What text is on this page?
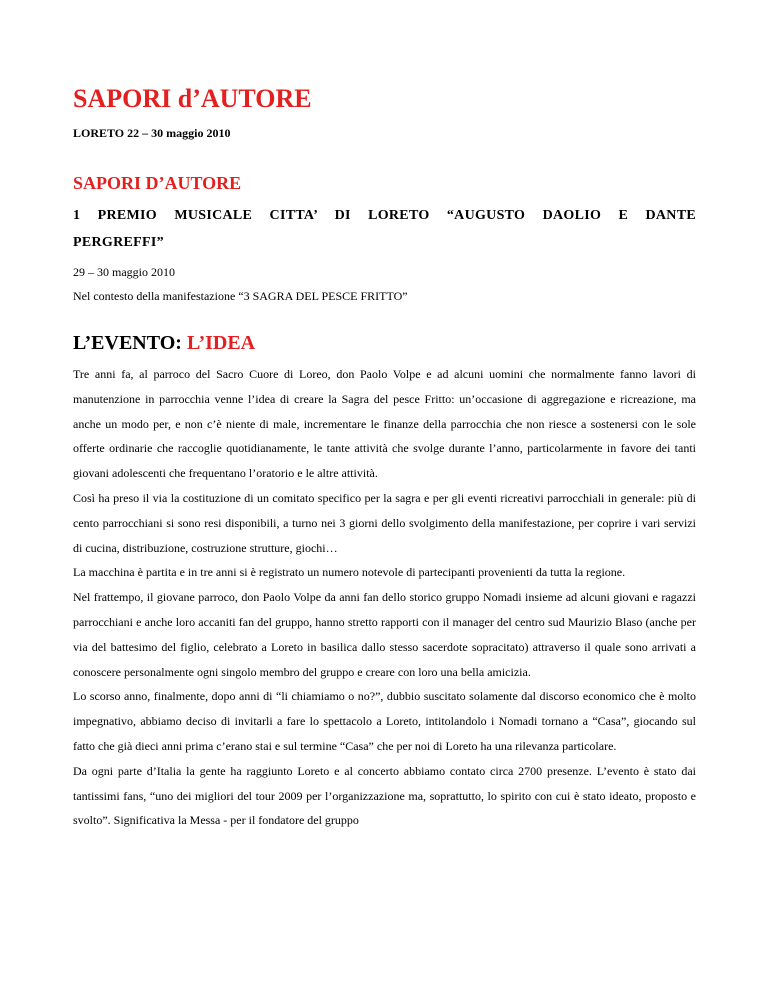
SAPORI d’AUTORE
LORETO 22 – 30 maggio 2010
SAPORI D’AUTORE
1 PREMIO MUSICALE CITTA’ DI LORETO “AUGUSTO DAOLIO E DANTE PERGREFFI”
29 – 30 maggio 2010
Nel contesto della manifestazione “3 SAGRA DEL PESCE FRITTO”
L’EVENTO: L’IDEA

Tre anni fa, al parroco del Sacro Cuore di Loreo, don Paolo Volpe e ad alcuni uomini che normalmente fanno lavori di manutenzione in parrocchia venne l’idea di creare la Sagra del pesce Fritto: un’occasione di aggregazione e ricreazione, ma anche un modo per, e non c’è niente di male, incrementare le finanze della parrocchia che non riesce a sostenersi con le sole offerte ordinarie che raccoglie quotidianamente, le tante attività che svolge durante l’anno, particolarmente in favore dei tanti giovani adolescenti che frequentano l’oratorio e le altre attività.

Così ha preso il via la costituzione di un comitato specifico per la sagra e per gli eventi ricreativi parrocchiali in generale: più di cento parrocchiani si sono resi disponibili, a turno nei 3 giorni dello svolgimento della manifestazione, per coprire i vari servizi di cucina, distribuzione, costruzione strutture, giochi…

La macchina è partita e in tre anni si è registrato un numero notevole di partecipanti provenienti da tutta la regione.

Nel frattempo, il giovane parroco, don Paolo Volpe da anni fan dello storico gruppo Nomadi insieme ad alcuni giovani e ragazzi parrocchiani e anche loro accaniti fan del gruppo, hanno stretto rapporti con il manager del centro sud Maurizio Blaso (anche per via del battesimo del figlio, celebrato a Loreto in basilica dallo stesso sacerdote sopracitato) attraverso il quale sono arrivati a conoscere personalmente ogni singolo membro del gruppo e creare con loro una bella amicizia.

Lo scorso anno, finalmente, dopo anni di “li chiamiamo o no?”, dubbio suscitato solamente dal discorso economico che è molto impegnativo, abbiamo deciso di invitarli a fare lo spettacolo a Loreto, intitolandolo i Nomadi tornano a “Casa”, giocando sul fatto che già dieci anni prima c’erano stai e sul termine “Casa” che per noi di Loreto ha una rilevanza particolare.

Da ogni parte d’Italia la gente ha raggiunto Loreto e al concerto abbiamo contato circa 2700 presenze. L’evento è stato dai tantissimi fans, “uno dei migliori del tour 2009 per l’organizzazione ma, soprattutto, lo spirito con cui è stato ideato, proposto e svolto”. Significativa la Messa - per il fondatore del gruppo
